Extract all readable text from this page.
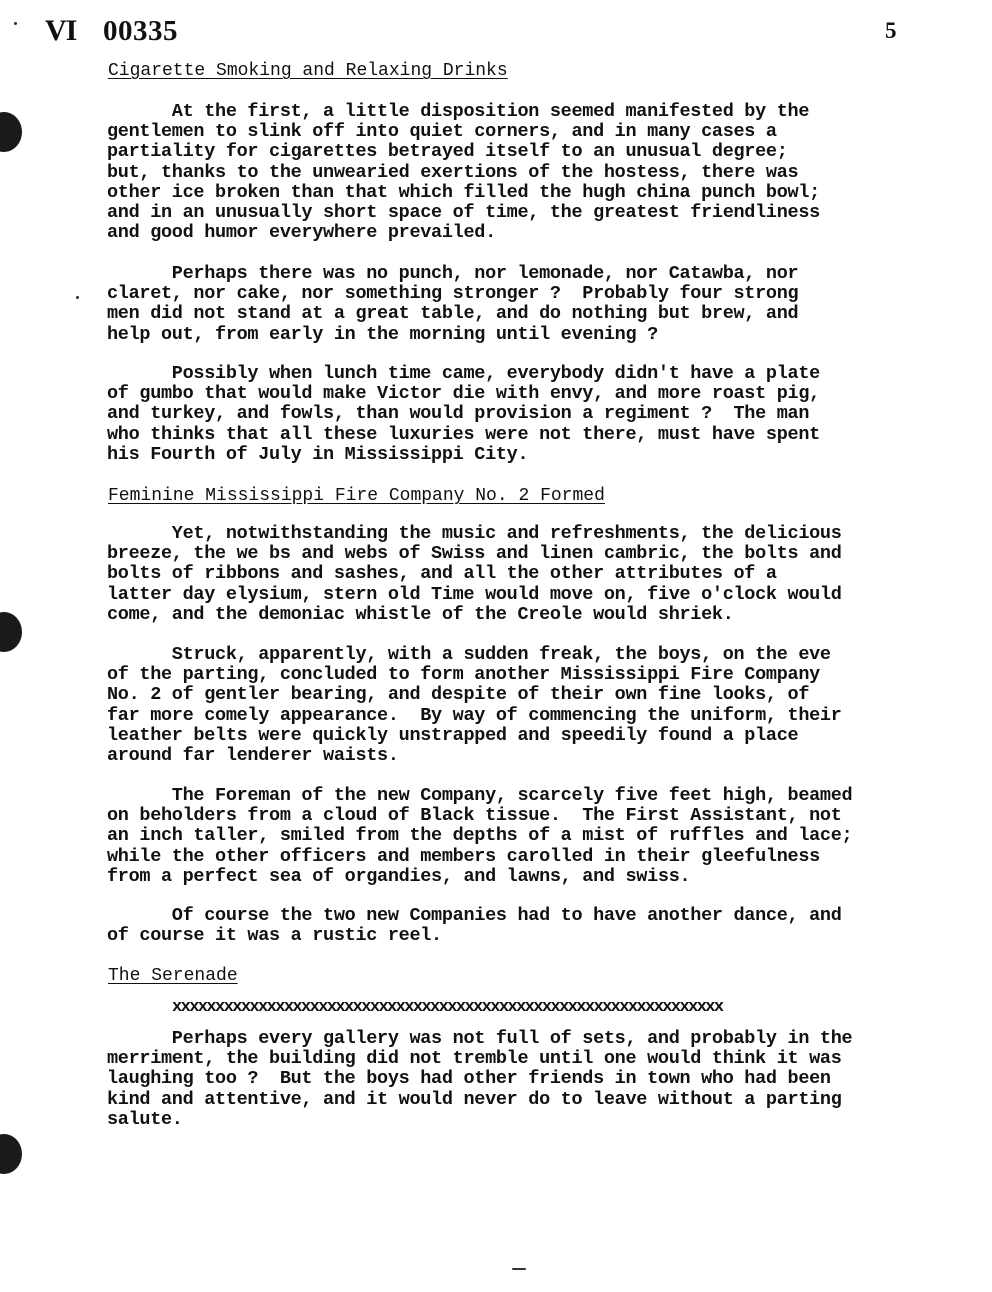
VI 00335	5
Cigarette Smoking and Relaxing Drinks

At the first, a little disposition seemed manifested by the
gentlemen to slink off into quiet corners, and in many cases a
partiality for cigarettes betrayed itself to an unusual degree;
but, thanks to the unwearied exertions of the hostess, there was
other ice broken than that which filled the hugh china punch bowl;
and in an unusually short space of time, the greatest friendliness
and good humor everywhere prevailed.

Perhaps there was no punch, nor lemonade, nor Catawba, nor
claret, nor cake, nor something stronger ?  Probably four strong
men did not stand at a great table, and do nothing but brew, and
help out, from early in the morning until evening ?

Possibly when lunch time came, everybody didn't have a plate
of gumbo that would make Victor die with envy, and more roast pig,
and turkey, and fowls, than would provision a regiment ?  The man
who thinks that all these luxuries were not there, must have spent
his Fourth of July in Mississippi City.

Feminine Mississippi Fire Company No. 2 Formed

Yet, notwithstanding the music and refreshments, the delicious
breeze, the we bs and webs of Swiss and linen cambric, the bolts and
bolts of ribbons and sashes, and all the other attributes of a
latter day elysium, stern old Time would move on, five o'clock would
come, and the demoniac whistle of the Creole would shriek.

Struck, apparently, with a sudden freak, the boys, on the eve
of the parting, concluded to form another Mississippi Fire Company
No. 2 of gentler bearing, and despite of their own fine looks, of
far more comely appearance.  By way of commencing the uniform, their
leather belts were quickly unstrapped and speedily found a place
around far lenderer waists.

The Foreman of the new Company, scarcely five feet high, beamed
on beholders from a cloud of Black tissue.  The First Assistant, not
an inch taller, smiled from the depths of a mist of ruffles and lace;
while the other officers and members carolled in their gleefulness
from a perfect sea of organdies, and lawns, and swiss.

Of course the two new Companies had to have another dance, and
of course it was a rustic reel.

The Serenade
xxxxxxxxxxxxxxxxxxxxxxxxxxxxxxxxxxxxxxxxxxxxxxxxxxxxxxxxxxxxxxxx

Perhaps every gallery was not full of sets, and probably in the
merriment, the building did not tremble until one would think it was
laughing too ?  But the boys had other friends in town who had been
kind and attentive, and it would never do to leave without a parting
salute.
